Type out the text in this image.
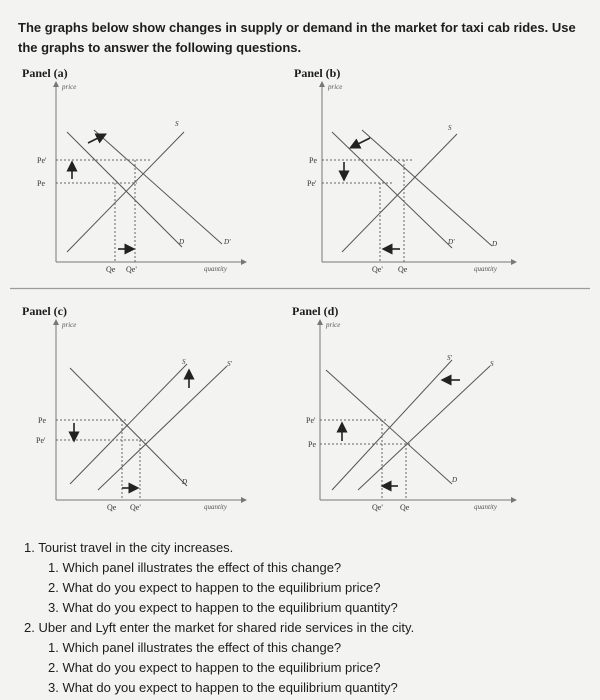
The graphs below show changes in supply or demand in the market for taxi cab rides. Use the graphs to answer the following questions.
Panel (a)
price
quantity
S
D	D'
Pe'
Pe
Qe Qe'
Panel (b)
price
quantity
S
D
D'
Pe
Pe'
Qe' Qe
Panel (c)
price
quantity
S	S'
D
Pe
Pe'
Qe Qe'
Panel (d)
price
quantity
S
S'
D
Pe'
Pe
Qe' Qe

1. Tourist travel in the city increases.

1. Which panel illustrates the effect of this change?

2. What do you expect to happen to the equilibrium price?

3. What do you expect to happen to the equilibrium quantity?

2. Uber and Lyft enter the market for shared ride services in the city.

1. Which panel illustrates the effect of this change?

2. What do you expect to happen to the equilibrium price?

3. What do you expect to happen to the equilibrium quantity?
